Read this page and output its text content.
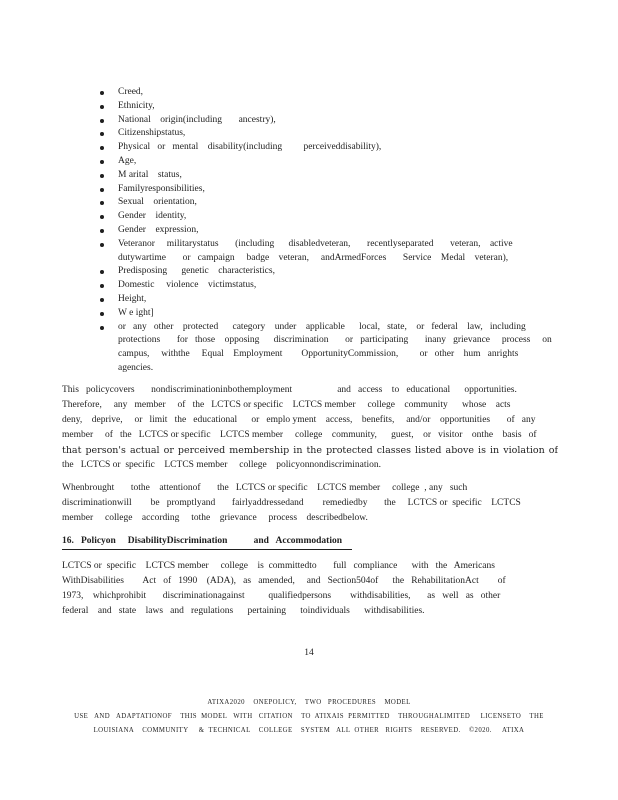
Creed,
Ethnicity,
National    origin(including       ancestry),
Citizenshipstatus,
Physical   or   mental    disability(including         perceiveddisability),
Age,
M arital    status,
Familyresponsibilities,
Sexual    orientation,
Gender    identity,
Gender    expression,
Veteranor     militarystatus       (including      disabledveteran,       recentlyseparated       veteran,    active
dutywartime       or   campaign     badge    veteran,     andArmedForces       Service    Medal    veteran),
Predisposing      genetic    characteristics,
Domestic     violence    victimstatus,
Height,
W e ight]
or   any   other    protected      category    under    applicable      local,   state,    or   federal    law,   including
protections       for   those    opposing      discrimination       or   participating       inany   grievance     process     on
campus,     withthe     Equal    Employment        OpportunityCommission,         or   other    hum   anrights
agencies.
This   policycovers       nondiscriminationinbothemployment                   and   access    to   educational      opportunities.
Therefore,     any   member     of   the   LCTCS or specific    LCTCS member     college    community      whose    acts
deny,    deprive,     or   limit   the   educational      or   emplo yment    access,    benefits,     and/or    opportunities       of   any
member     of   the   LCTCS or specific    LCTCS member     college    community,      guest,    or   visitor    onthe    basis   of
that person's actual or perceived membership in the protected classes listed above is in violation of
the   LCTCS or  specific    LCTCS member     college    policyonnondiscrimination.
Whenbrought       tothe    attentionof       the   LCTCS or specific    LCTCS member     college  , any   such
discriminationwill        be   promptlyand       fairlyaddressedand        remediedby       the     LCTCS or  specific    LCTCS
member     college    according     tothe    grievance     process    describedbelow.
16.   Policyon     DisabilityDiscrimination           and   Accommodation
LCTCS or  specific    LCTCS member     college    is  committedto       full   compliance      with   the   Americans
WithDisabilities        Act   of   1990    (ADA),   as   amended,     and   Section504of      the   RehabilitationAct        of
1973,    whichprohibit       discriminationagainst          qualifiedpersons        withdisabilities,       as   well   as   other
federal    and   state    laws   and   regulations      pertaining      toindividuals      withdisabilities.
14
ATIXA2020    ONEPOLICY,    TWO   PROCEDURES    MODEL
USE   AND   ADAPTATIONOF    THIS  MODEL   WITH   CITATION    TO  ATIXAIS  PERMITTED    THROUGHALIMITED     LICENSETO    THE
LOUISIANA    COMMUNITY     &  TECHNICAL    COLLEGE    SYSTEM   ALL  OTHER   RIGHTS    RESERVED.    ©2020.     ATIXA
